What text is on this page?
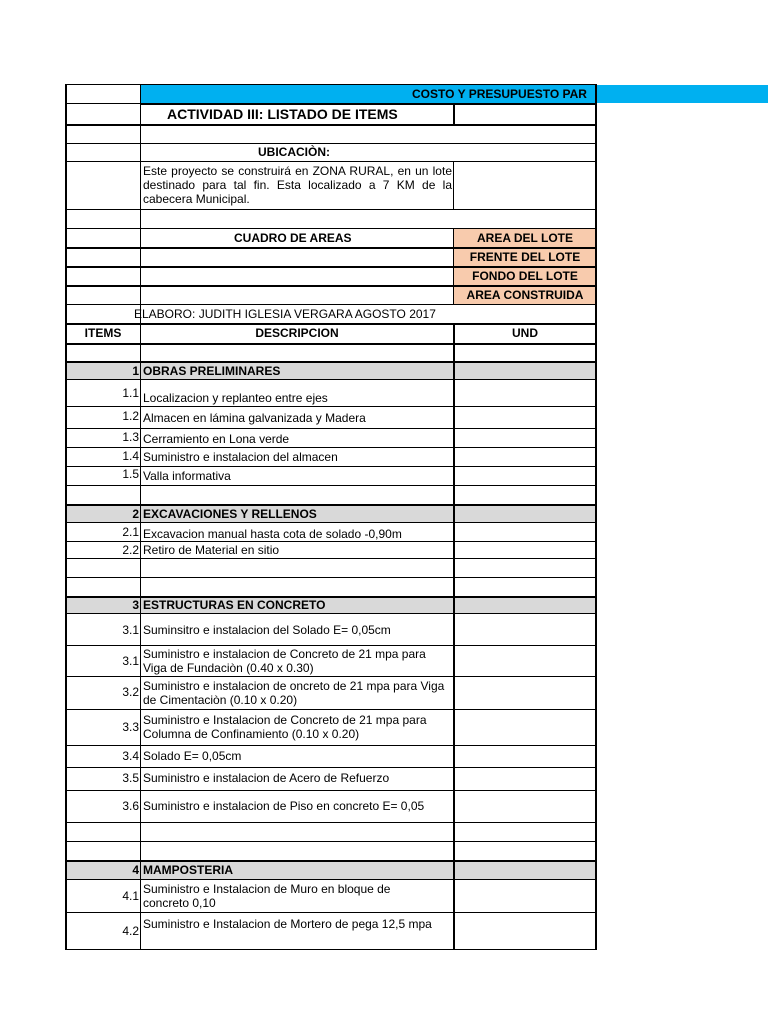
COSTO Y PRESUPUESTO PAR
ACTIVIDAD III: LISTADO DE ITEMS
UBICACIÒN:
Este proyecto se construirá en ZONA RURAL, en un lote destinado para tal fin. Esta localizado a 7 KM de la cabecera Municipal.
CUADRO DE AREAS	AREA DEL LOTE
FRENTE DEL LOTE
FONDO DEL LOTE
AREA CONSTRUIDA
ELABORO: JUDITH IGLESIA VERGARA AGOSTO 2017
ITEMS	DESCRIPCION	UND
1 OBRAS PRELIMINARES
1.1 Localizacion y replanteo entre ejes
1.2 Almacen en lámina galvanizada y Madera
1.3 Cerramiento en Lona verde
1.4 Suministro e instalacion del almacen
1.5 Valla informativa
2 EXCAVACIONES Y RELLENOS
2.1 Excavacion manual hasta cota de solado -0,90m
2.2 Retiro de Material en sitio
3 ESTRUCTURAS EN CONCRETO
3.1 Suminsitro e instalacion del Solado E= 0,05cm
3.1 Suministro e instalacion de Concreto de 21 mpa para Viga de Fundaciòn (0.40 x 0.30)
3.2 Suministro e instalacion de oncreto de 21 mpa para Viga de Cimentaciòn (0.10 x 0.20)
3.3 Suministro e Instalacion de Concreto de 21 mpa para Columna de Confinamiento (0.10 x 0.20)
3.4 Solado E= 0,05cm
3.5 Suministro e instalacion de Acero de Refuerzo
3.6 Suministro e instalacion de Piso en concreto E= 0,05
4 MAMPOSTERIA
4.1 Suministro e Instalacion de Muro en bloque de concreto 0,10
4.2 Suministro e Instalacion de Mortero de pega 12,5 mpa
